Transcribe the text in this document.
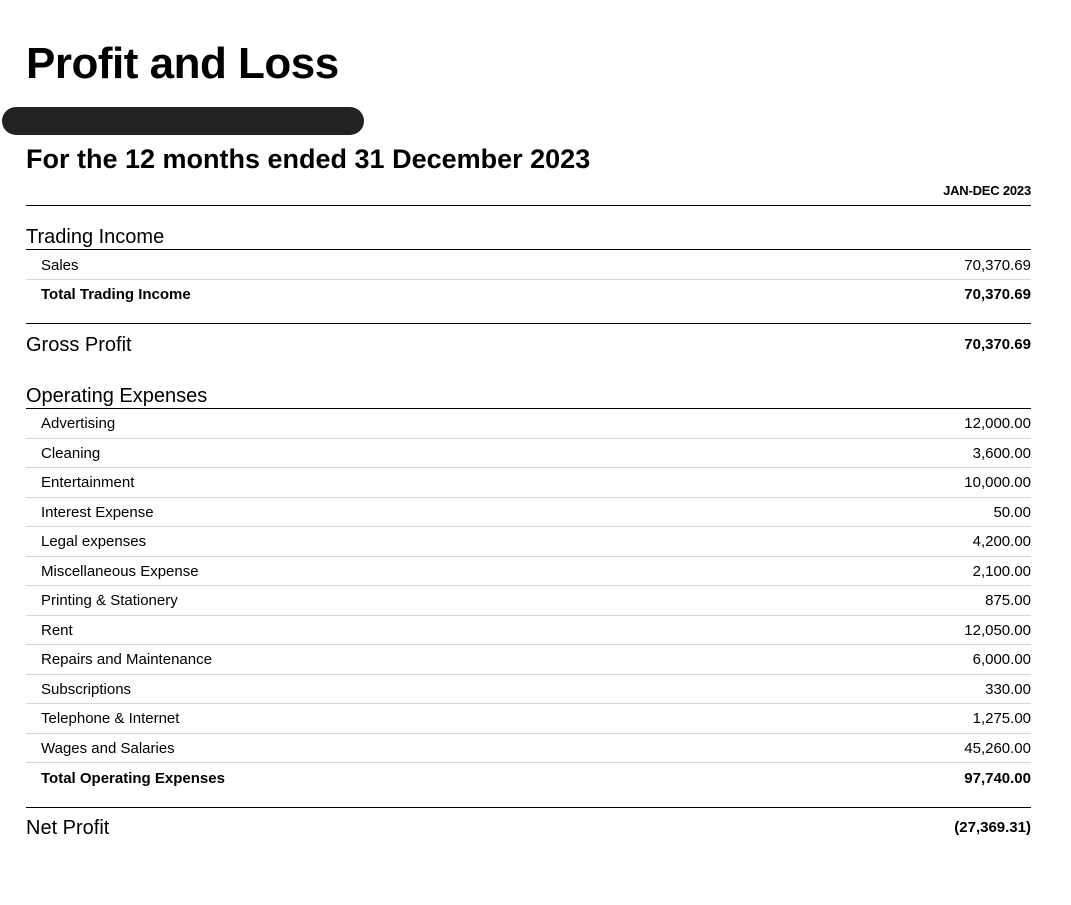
Profit and Loss
For the 12 months ended 31 December 2023
JAN-DEC 2023
Trading Income
Sales	70,370.69
Total Trading Income	70,370.69
Gross Profit	70,370.69
Operating Expenses
Advertising	12,000.00
Cleaning	3,600.00
Entertainment	10,000.00
Interest Expense	50.00
Legal expenses	4,200.00
Miscellaneous Expense	2,100.00
Printing & Stationery	875.00
Rent	12,050.00
Repairs and Maintenance	6,000.00
Subscriptions	330.00
Telephone & Internet	1,275.00
Wages and Salaries	45,260.00
Total Operating Expenses	97,740.00
Net Profit	(27,369.31)
